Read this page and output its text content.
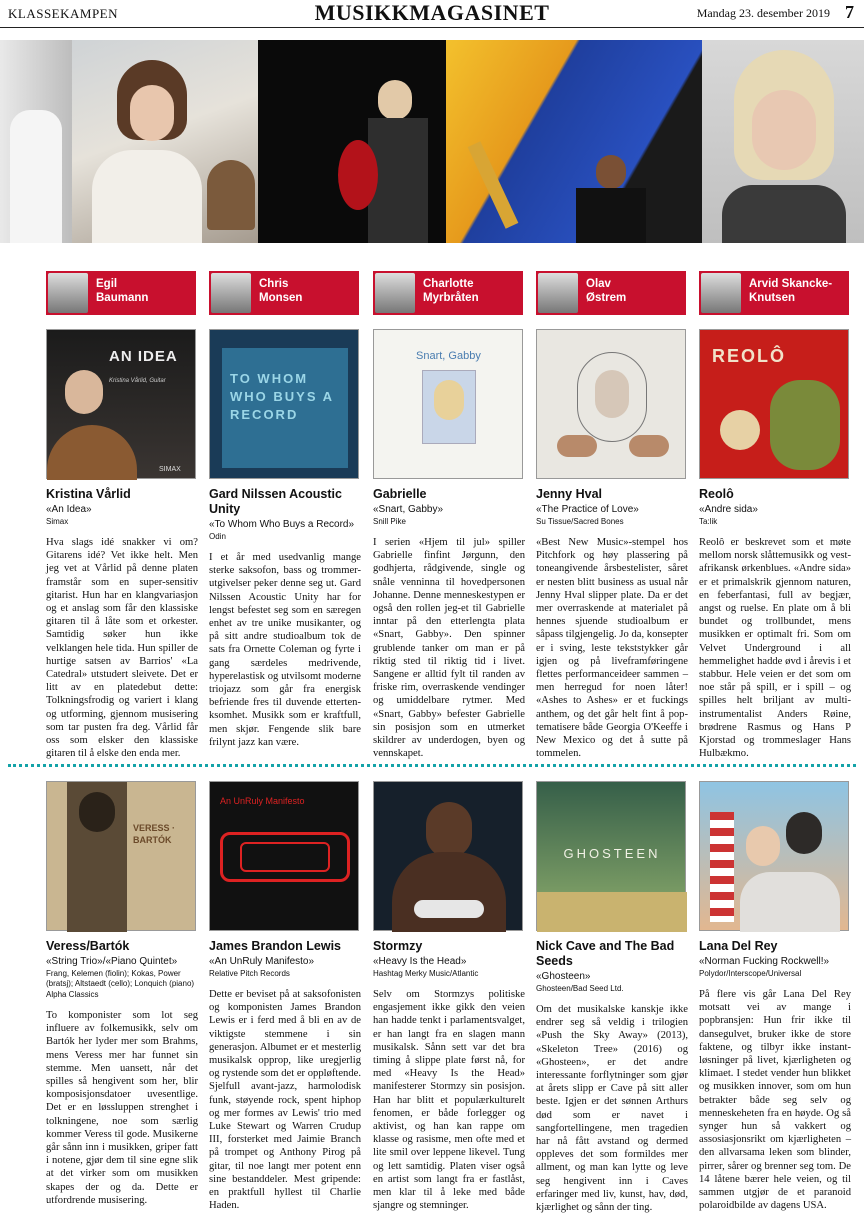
KLASSEKAMPEN	MUSIKKMAGASINET	Mandag 23. desember 2019 7
Egil
Baumann
Chris
Monsen
Charlotte
Myrbråten
Olav
Østrem
Arvid Skancke-
Knutsen
AN IDEA
Kristina Vårlid, Guitar
SIMAX
Kristina Vårlid
«An Idea»
Simax
Hva slags idé snakker vi om? Gitarens idé? Vet ikke helt. Men jeg vet at Vårlid på denne platen framstår som en super-sensitiv gitarist. Hun har en klangvariasjon og et anslag som får den klassiske gitaren til å låte som et orkester. Samtidig søker hun ikke velklangen hele tida. Hun spiller de hurtige satsen av Barrios' «La Catedral» utstudert sleivete. Det er litt av en platedebut dette: Tolkningsfrodig og variert i klang og utforming, gjennom musisering som tar pusten fra deg. Vårlid får oss som elsker den klassiske gitaren til å elske den enda mer.
TO WHOM WHO BUYS A RECORD
Gard Nilssen Acoustic Unity
«To Whom Who Buys a Record»
Odin
I et år med usedvanlig mange sterke saksofon, bass og trommer-utgivelser peker denne seg ut. Gard Nilssen Acoustic Unity har for lengst befestet seg som en særegen enhet av tre unike musikanter, og på sitt andre studioalbum tok de sats fra Ornette Coleman og fyrte i gang særdeles medrivende, hyperelastisk og utvilsomt moderne triojazz som går fra energisk befriende fres til duvende etterten-ksomhet. Musikk som er kraftfull, men skjør. Fengende slik bare frilynt jazz kan være.
Snart, Gabby
Gabrielle
«Snart, Gabby»
Snill Pike
I serien «Hjem til jul» spiller Gabrielle finfint Jørgunn, den godhjerta, rådgivende, single og snåle venninna til hovedpersonen Johanne. Denne menneskestypen er også den rollen jeg-et til Gabrielle inntar på den etterlengta plata «Snart, Gabby». Den spinner grublende tanker om man er på riktig sted til riktig tid i livet. Sangene er alltid fylt til randen av friske rim, overraskende vendinger og umiddelbare rytmer. Med «Snart, Gabby» befester Gabrielle sin posisjon som en utmerket skildrer av underdogen, byen og vennskapet.
Jenny Hval
«The Practice of Love»
Su Tissue/Sacred Bones
«Best New Music»-stempel hos Pitchfork og høy plassering på toneangivende årsbestelister, såret er nesten blitt business as usual når Jenny Hval slipper plate. Da er det mer overraskende at materialet på hennes sjuende studioalbum er såpass tilgjengelig. Jo da, konsepter er i sving, leste tekststykker går igjen og på liveframføringene flettes performanceideer sammen – men herregud for noen låter! «Ashes to Ashes» er et fuckings anthem, og det går helt fint å pop-tematisere både Georgia O'Keeffe i New Mexico og det å sutte på tommelen.
REOLÔ
Reolô
«Andre sida»
Ta:lik
Reolô er beskrevet som et møte mellom norsk slåttemusikk og vest-afrikansk ørkenblues. «Andre sida» er et primalskrik gjennom naturen, en feberfantasi, full av begjær, angst og ruelse. En plate om å bli bundet og trollbundet, mens musikken er optimalt fri. Som om Velvet Underground i all hemmelighet hadde øvd i årevis i et stabbur. Hele veien er det som om noe står på spill, er i spill – og spilles helt briljant av multi-instrumentalist Anders Røine, brødrene Rasmus og Hans P Kjorstad og trommeslager Hans Hulbækmo.
VERESS · BARTÓK
Veress/Bartók
«String Trio»/«Piano Quintet»
Frang, Kelemen (fiolin); Kokas, Power (bratsj); Altstaedt (cello); Lonquich (piano)
Alpha Classics
To komponister som lot seg influere av folkemusikk, selv om Bartók her lyder mer som Brahms, mens Veress mer har funnet sin stemme. Men uansett, når det spilles så hengivent som her, blir komposisjonsdatoer uvesentlige. Det er en løssluppen strenghet i tolkningene, noe som særlig kommer Veress til gode. Musikerne går sånn inn i musikken, griper fatt i notene, gjør dem til sine egne slik at det virker som om musikken skapes der og da. Dette er utfordrende musisering.
An UnRuly Manifesto
James Brandon Lewis
«An UnRuly Manifesto»
Relative Pitch Records
Dette er beviset på at saksofonisten og komponisten James Brandon Lewis er i ferd med å bli en av de viktigste stemmene i sin generasjon. Albumet er et mesterlig musikalsk opprop, like uregjerlig og rystende som det er oppløftende. Sjelfull avant-jazz, harmolodisk funk, støyende rock, spent hiphop og mer formes av Lewis' trio med Luke Stewart og Warren Crudup III, forsterket med Jaimie Branch på trompet og Anthony Pirog på gitar, til noe langt mer potent enn sine bestanddeler. Mest gripende: en praktfull hyllest til Charlie Haden.
Stormzy
«Heavy Is the Head»
Hashtag Merky Music/Atlantic
Selv om Stormzys politiske engasjement ikke gikk den veien han hadde tenkt i parlamentsvalget, er han langt fra en slagen mann musikalsk. Sånn sett var det bra timing å slippe plate først nå, for med «Heavy Is the Head» manifesterer Stormzy sin posisjon. Han har blitt et populærkulturelt fenomen, er både forlegger og aktivist, og han kan rappe om klasse og rasisme, men ofte med et lite smil over leppene likevel. Tung og lett samtidig. Platen viser også en artist som langt fra er fastlåst, men klar til å leke med både sjangre og stemninger.
GHOSTEEN
Nick Cave and The Bad Seeds
«Ghosteen»
Ghosteen/Bad Seed Ltd.
Om det musikalske kanskje ikke endrer seg så veldig i trilogien «Push the Sky Away» (2013), «Skeleton Tree» (2016) og «Ghosteen», er det andre interessante forflytninger som gjør at årets slipp er Cave på sitt aller beste. Igjen er det sønnen Arthurs død som er navet i sangfortellingene, men tragedien har nå fått avstand og dermed oppleves det som formildes mer allment, og man kan lytte og leve seg hengivent inn i Caves erfaringer med liv, kunst, hav, død, kjærlighet og sånn der ting.
Lana Del Rey
«Norman Fucking Rockwell!»
Polydor/Interscope/Universal
På flere vis går Lana Del Rey motsatt vei av mange i popbransjen: Hun frir ikke til dansegulvet, bruker ikke de store faktene, og tilbyr ikke instant-løsninger på livet, kjærligheten og klimaet. I stedet vender hun blikket og musikken innover, som om hun betrakter både seg selv og menneskeheten fra en høyde. Og så synger hun så vakkert og assosiasjonsrikt om kjærligheten – den allvarsama leken som blinder, pirrer, sårer og brenner seg tom. De 14 låtene bærer hele veien, og til sammen utgjør de et paranoid polaroidbilde av dagens USA.
